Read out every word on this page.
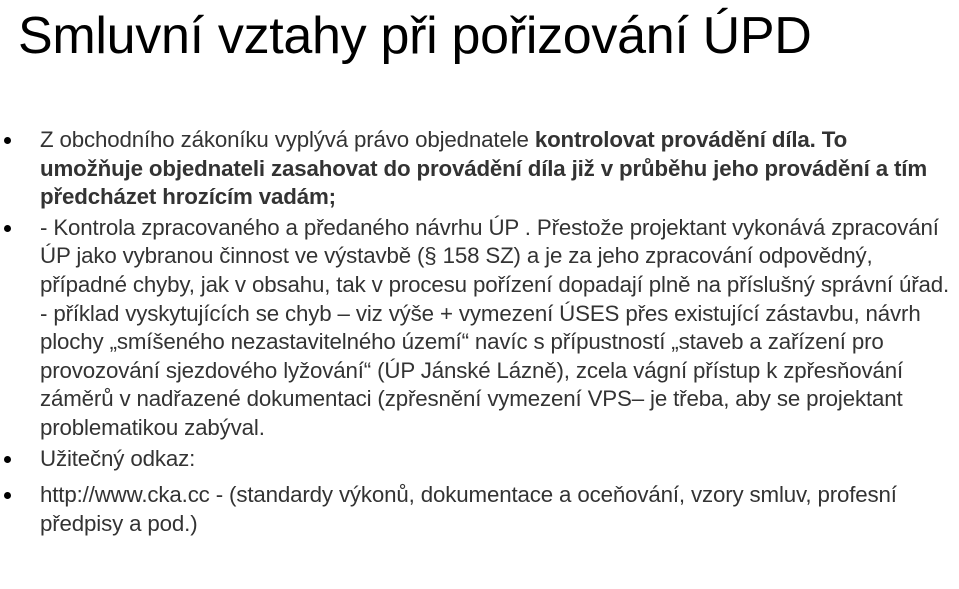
Smluvní vztahy při pořizování ÚPD
Z obchodního zákoníku vyplývá právo objednatele kontrolovat provádění díla. To umožňuje objednateli zasahovat do provádění díla již v průběhu jeho provádění a tím předcházet hrozícím vadám;
- Kontrola zpracovaného a předaného návrhu ÚP . Přestože projektant vykonává zpracování ÚP jako vybranou činnost ve výstavbě (§ 158 SZ) a je za jeho zpracování odpovědný, případné chyby, jak v obsahu, tak v procesu pořízení dopadají plně na příslušný správní úřad. - příklad vyskytujících se chyb – viz výše + vymezení ÚSES přes existující zástavbu, návrh plochy „smíšeného nezastavitelného území“ navíc s přípustností „staveb a zařízení pro provozování sjezdového lyžování“ (ÚP Jánské Lázně), zcela vágní přístup k zpřesňování záměrů v nadřazené dokumentaci (zpřesnění vymezení VPS– je třeba, aby se projektant problematikou zabýval.
Užitečný odkaz:
http://www.cka.cc - (standardy výkonů, dokumentace a oceňování, vzory smluv, profesní předpisy a pod.)
